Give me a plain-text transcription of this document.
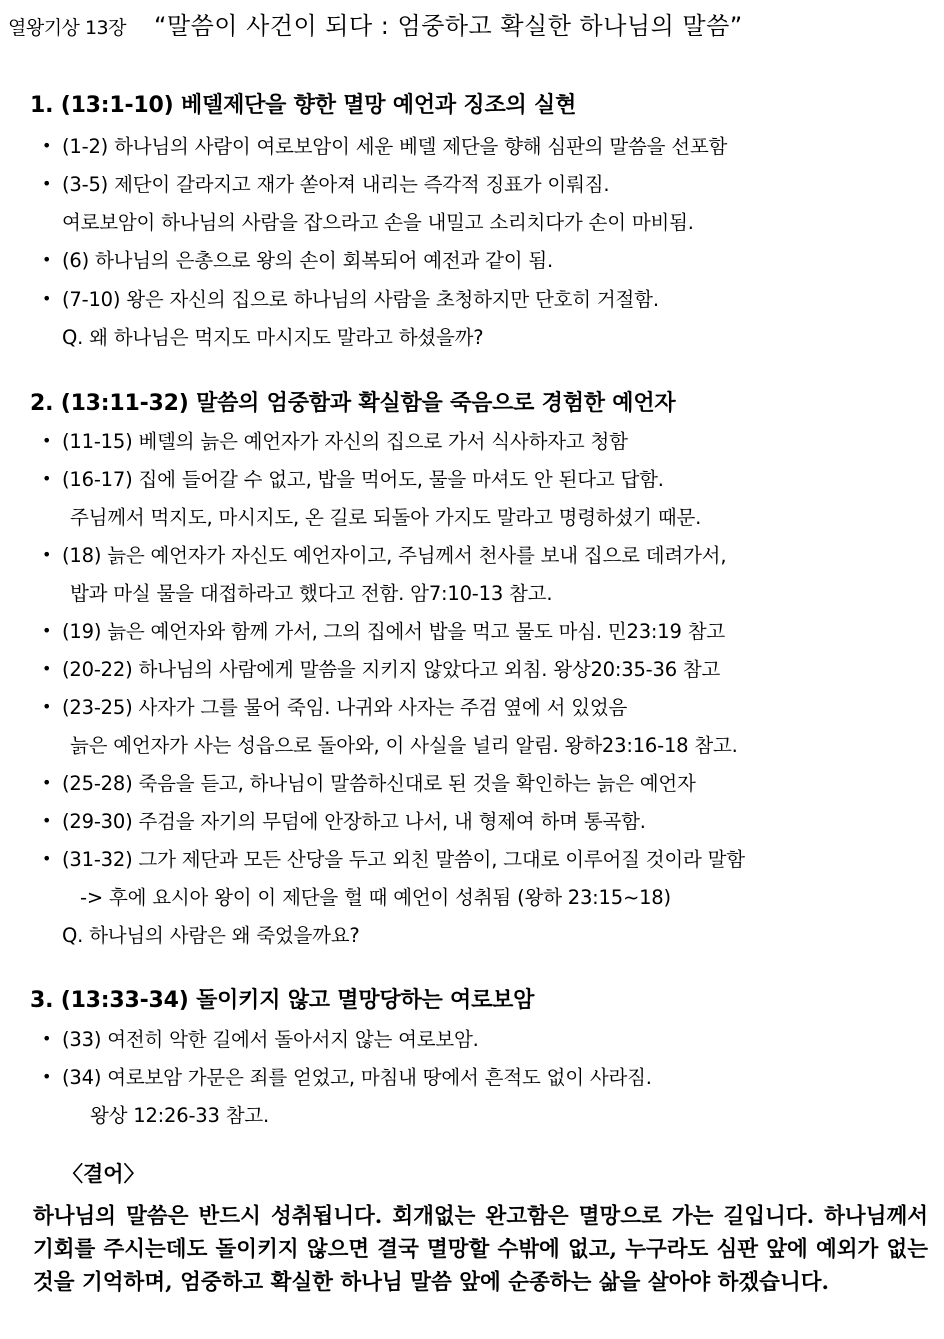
열왕기상 13장 “말씀이 사건이 되다 : 엄중하고 확실한 하나님의 말씀”
1. (13:1-10) 베델제단을 향한 멸망 예언과 징조의 실현
• (1-2) 하나님의 사람이 여로보암이 세운 베델 제단을 향해 심판의 말씀을 선포함
• (3-5) 제단이 갈라지고 재가 쏟아져 내리는 즉각적 징표가 이뤄짐.
여로보암이 하나님의 사람을 잡으라고 손을 내밀고 소리치다가 손이 마비됨.
• (6) 하나님의 은총으로 왕의 손이 회복되어 예전과 같이 됨.
• (7-10) 왕은 자신의 집으로 하나님의 사람을 초청하지만 단호히 거절함.
Q. 왜 하나님은 먹지도 마시지도 말라고 하셨을까?
2. (13:11-32) 말씀의 엄중함과 확실함을 죽음으로 경험한 예언자
• (11-15) 베델의 늙은 예언자가 자신의 집으로 가서 식사하자고 청함
• (16-17) 집에 들어갈 수 없고, 밥을 먹어도, 물을 마셔도 안 된다고 답함.
주님께서 먹지도, 마시지도, 온 길로 되돌아 가지도 말라고 명령하셨기 때문.
• (18) 늙은 예언자가 자신도 예언자이고, 주님께서 천사를 보내 집으로 데려가서,
밥과 마실 물을 대접하라고 했다고 전함. 암7:10-13 참고.
• (19) 늙은 예언자와 함께 가서, 그의 집에서 밥을 먹고 물도 마심. 민23:19 참고
• (20-22) 하나님의 사람에게 말씀을 지키지 않았다고 외침. 왕상20:35-36 참고
• (23-25) 사자가 그를 물어 죽임. 나귀와 사자는 주검 옆에 서 있었음
늙은 예언자가 사는 성읍으로 돌아와, 이 사실을 널리 알림. 왕하23:16-18 참고.
• (25-28) 죽음을 듣고, 하나님이 말씀하신대로 된 것을 확인하는 늙은 예언자
• (29-30) 주검을 자기의 무덤에 안장하고 나서, 내 형제여 하며 통곡함.
• (31-32) 그가 제단과 모든 산당을 두고 외친 말씀이, 그대로 이루어질 것이라 말함
-> 후에 요시아 왕이 이 제단을 헐 때 예언이 성취됨 (왕하 23:15~18)
Q. 하나님의 사람은 왜 죽었을까요?
3. (13:33-34) 돌이키지 않고 멸망당하는 여로보암
• (33) 여전히 악한 길에서 돌아서지 않는 여로보암.
• (34) 여로보암 가문은 죄를 얻었고, 마침내 땅에서 흔적도 없이 사라짐.
왕상 12:26-33 참고.
〈결어〉
하나님의 말씀은 반드시 성취됩니다. 회개없는 완고함은 멸망으로 가는 길입니다. 하나님께서 기회를 주시는데도 돌이키지 않으면 결국 멸망할 수밖에 없고, 누구라도 심판 앞에 예외가 없는 것을 기억하며, 엄중하고 확실한 하나님 말씀 앞에 순종하는 삶을 살아야 하겠습니다.
